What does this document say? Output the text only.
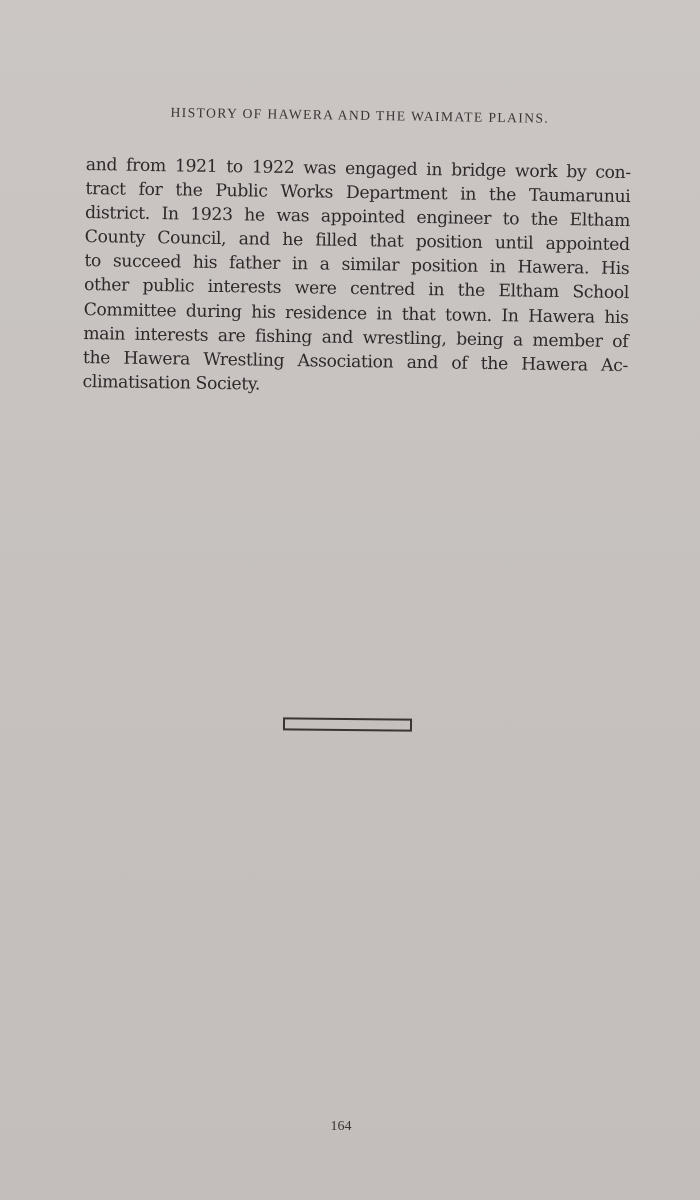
HISTORY OF HAWERA AND THE WAIMATE PLAINS.
and from 1921 to 1922 was engaged in bridge work by con-
tract for the Public Works Department in the Taumarunui
district. In 1923 he was appointed engineer to the Eltham
County Council, and he filled that position until appointed
to succeed his father in a similar position in Hawera. His
other public interests were centred in the Eltham School
Committee during his residence in that town. In Hawera his
main interests are fishing and wrestling, being a member of
the Hawera Wrestling Association and of the Hawera Ac-
climatisation Society.
164
